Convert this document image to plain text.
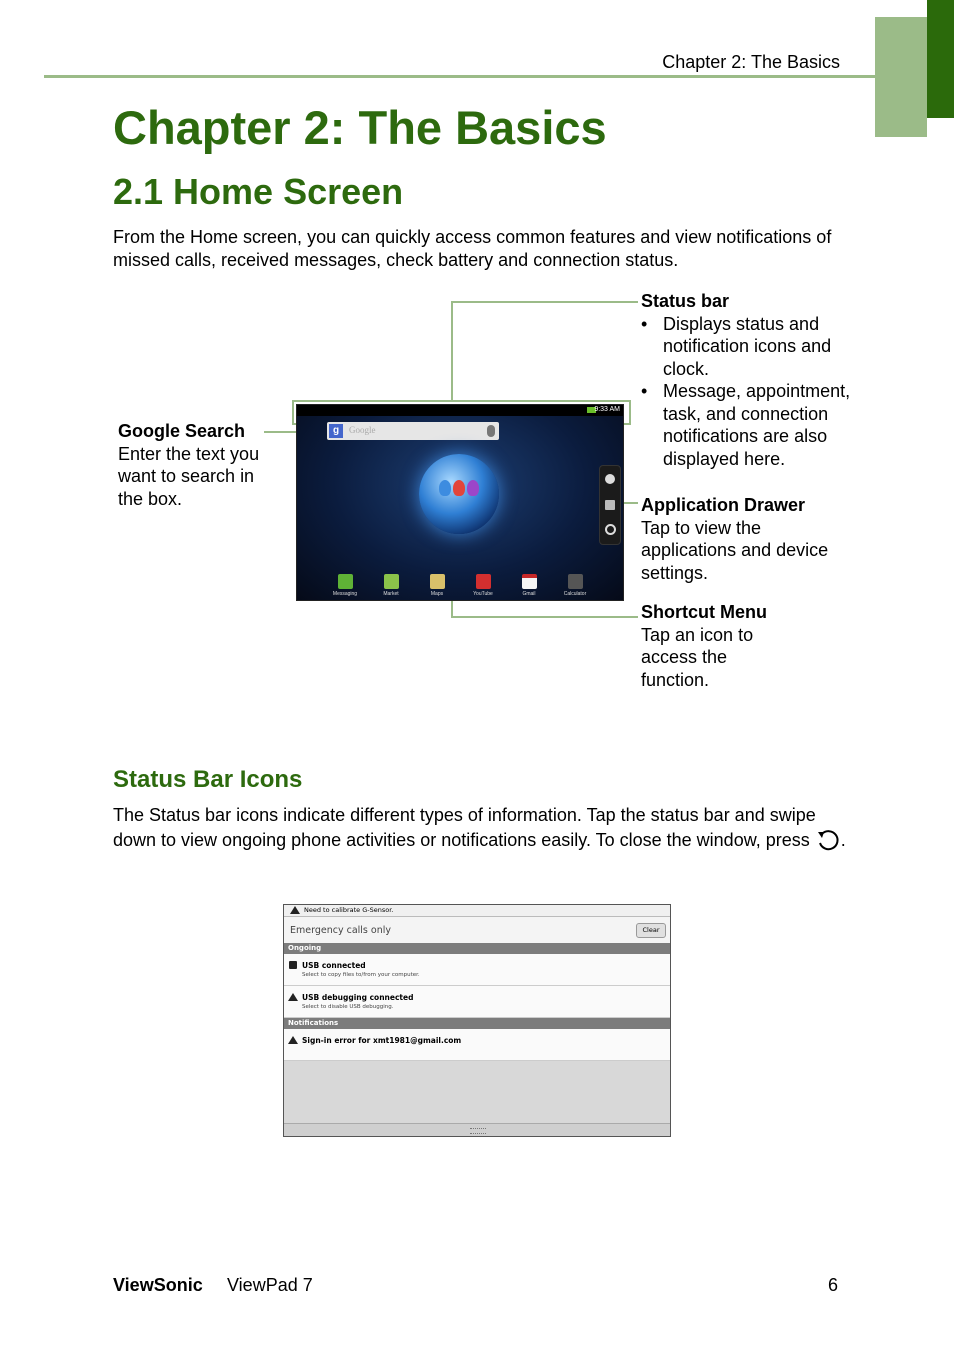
Chapter 2: The Basics
Chapter 2: The Basics
2.1 Home Screen

From the Home screen, you can quickly access common features and view notifications of missed calls, received messages, check battery and connection status.

9:33 AM
g	Google
Messaging	Market	Maps	YouTube	Gmail	Calculator
Status bar
• Displays status and notification icons and clock.
• Message, appointment, task, and connection notifications are also displayed here.
Google Search
Enter the text you want to search in the box.	Application Drawer
Tap to view the applications and device settings.
Shortcut Menu
Tap an icon to access the function.
Status Bar Icons

The Status bar icons indicate different types of information. Tap the status bar and swipe down to view ongoing phone activities or notifications easily. To close the window, press .

Need to calibrate G-Sensor.
Emergency calls only	Clear
Ongoing
USB connected
Select to copy files to/from your computer.
USB debugging connected
Select to disable USB debugging.
Notifications
Sign-in error for xmt1981@gmail.com
ViewSonic ViewPad 7	6
